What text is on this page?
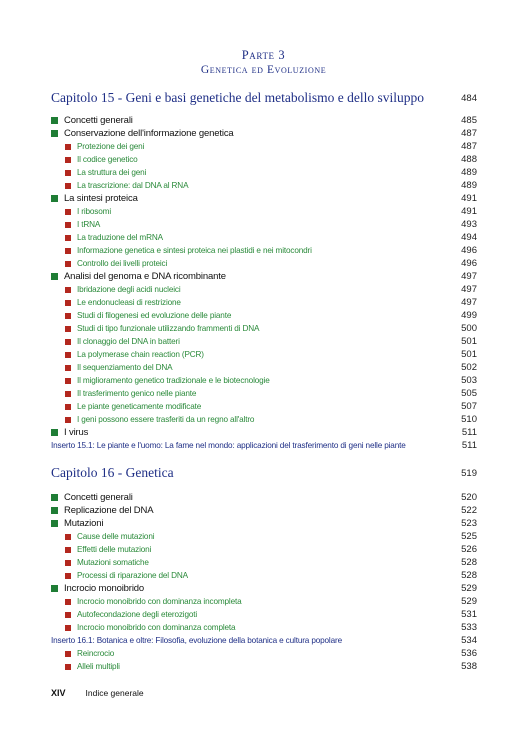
Parte 3
Genetica ed Evoluzione
Capitolo 15 - Geni e basi genetiche del metabolismo e dello sviluppo	484
Concetti generali	485
Conservazione dell'informazione genetica	487
Protezione dei geni	487
Il codice genetico	488
La struttura dei geni	489
La trascrizione: dal DNA al RNA	489
La sintesi proteica	491
I ribosomi	491
I tRNA	493
La traduzione del mRNA	494
Informazione genetica e sintesi proteica nei plastidi e nei mitocondri	496
Controllo dei livelli proteici	496
Analisi del genoma e DNA ricombinante	497
Ibridazione degli acidi nucleici	497
Le endonucleasi di restrizione	497
Studi di filogenesi ed evoluzione delle piante	499
Studi di tipo funzionale utilizzando frammenti di DNA	500
Il clonaggio del DNA in batteri	501
La polymerase chain reaction (PCR)	501
Il sequenziamento del DNA	502
Il miglioramento genetico tradizionale e le biotecnologie	503
Il trasferimento genico nelle piante	505
Le piante geneticamente modificate	507
I geni possono essere trasferiti da un regno all'altro	510
I virus	511
Inserto 15.1: Le piante e l'uomo: La fame nel mondo: applicazioni del trasferimento di geni nelle piante	511
Capitolo 16 - Genetica	519
Concetti generali	520
Replicazione del DNA	522
Mutazioni	523
Cause delle mutazioni	525
Effetti delle mutazioni	526
Mutazioni somatiche	528
Processi di riparazione del DNA	528
Incrocio monoibrido	529
Incrocio monoibrido con dominanza incompleta	529
Autofecondazione degli eterozigoti	531
Incrocio monoibrido con dominanza completa	533
Inserto 16.1: Botanica e oltre: Filosofia, evoluzione della botanica e cultura popolare	534
Reincrocio	536
Alleli multipli	538
XIV Indice generale
